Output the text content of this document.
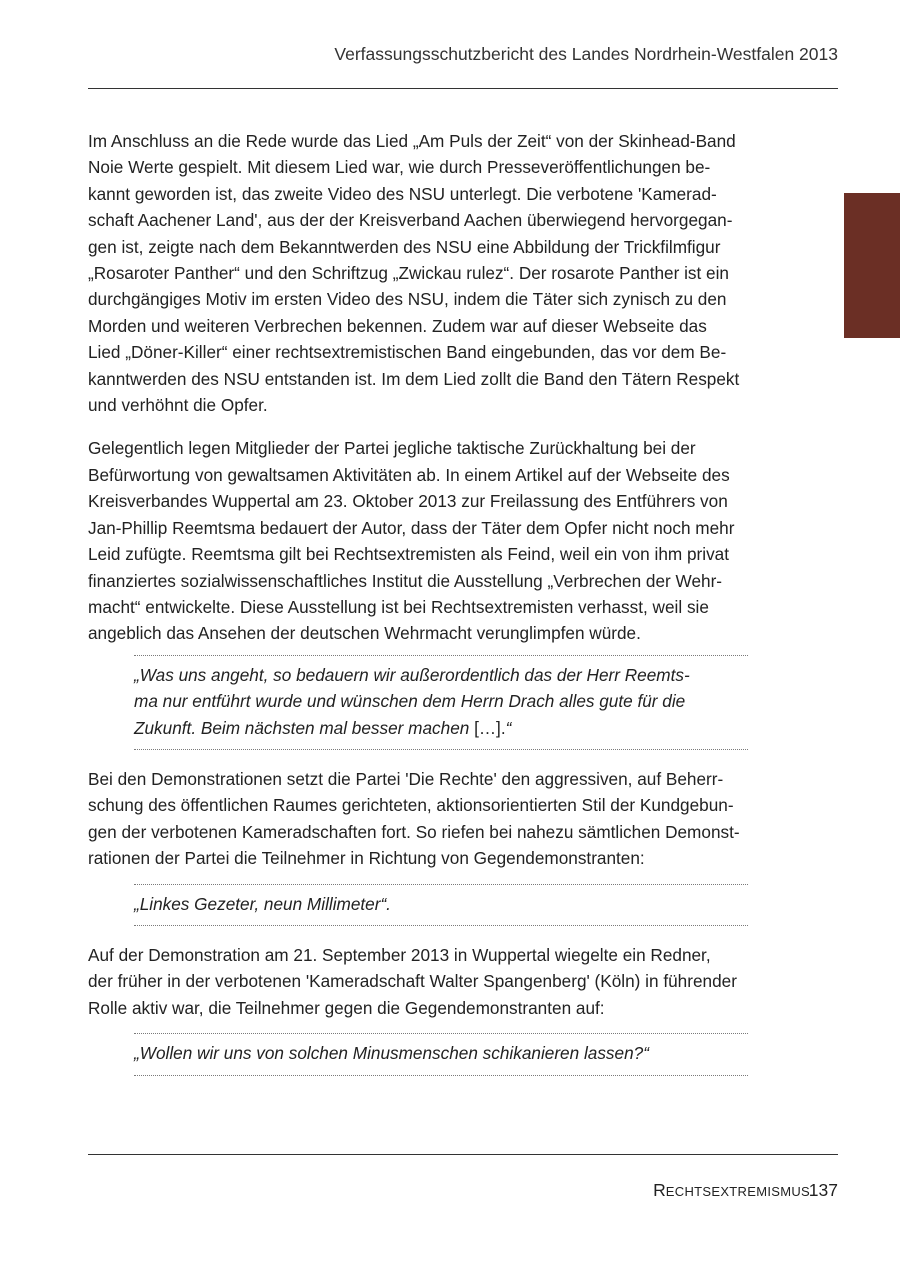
Verfassungsschutzbericht des Landes Nordrhein-Westfalen 2013

Im Anschluss an die Rede wurde das Lied „Am Puls der Zeit“ von der Skinhead-Band
Noie Werte gespielt. Mit diesem Lied war, wie durch Presseveröffentlichungen be-
kannt geworden ist, das zweite Video des NSU unterlegt. Die verbotene 'Kamerad-
schaft Aachener Land', aus der der Kreisverband Aachen überwiegend hervorgegan-
gen ist, zeigte nach dem Bekanntwerden des NSU eine Abbildung der Trickfilmfigur
„Rosaroter Panther“ und den Schriftzug „Zwickau rulez“. Der rosarote Panther ist ein
durchgängiges Motiv im ersten Video des NSU, indem die Täter sich zynisch zu den
Morden und weiteren Verbrechen bekennen. Zudem war auf dieser Webseite das
Lied „Döner-Killer“ einer rechtsextremistischen Band eingebunden, das vor dem Be-
kanntwerden des NSU entstanden ist. Im dem Lied zollt die Band den Tätern Respekt
und verhöhnt die Opfer.

Gelegentlich legen Mitglieder der Partei jegliche taktische Zurückhaltung bei der
Befürwortung von gewaltsamen Aktivitäten ab. In einem Artikel auf der Webseite des
Kreisverbandes Wuppertal am 23. Oktober 2013 zur Freilassung des Entführers von
Jan-Phillip Reemtsma bedauert der Autor, dass der Täter dem Opfer nicht noch mehr
Leid zufügte. Reemtsma gilt bei Rechtsextremisten als Feind, weil ein von ihm privat
finanziertes sozialwissenschaftliches Institut die Ausstellung „Verbrechen der Wehr-
macht“ entwickelte. Diese Ausstellung ist bei Rechtsextremisten verhasst, weil sie
angeblich das Ansehen der deutschen Wehrmacht verunglimpfen würde.

„Was uns angeht, so bedauern wir außerordentlich das der Herr Reemts-
ma nur entführt wurde und wünschen dem Herrn Drach alles gute für die
Zukunft. Beim nächsten mal besser machen […].“

Bei den Demonstrationen setzt die Partei 'Die Rechte' den aggressiven, auf Beherr-
schung des öffentlichen Raumes gerichteten, aktionsorientierten Stil der Kundgebun-
gen der verbotenen Kameradschaften fort. So riefen bei nahezu sämtlichen Demonst-
rationen der Partei die Teilnehmer in Richtung von Gegendemonstranten:

„Linkes Gezeter, neun Millimeter“.

Auf der Demonstration am 21. September 2013 in Wuppertal wiegelte ein Redner,
der früher in der verbotenen 'Kameradschaft Walter Spangenberg' (Köln) in führender
Rolle aktiv war, die Teilnehmer gegen die Gegendemonstranten auf:

„Wollen wir uns von solchen Minusmenschen schikanieren lassen?“
RECHTSEXTREMISMUS
137
